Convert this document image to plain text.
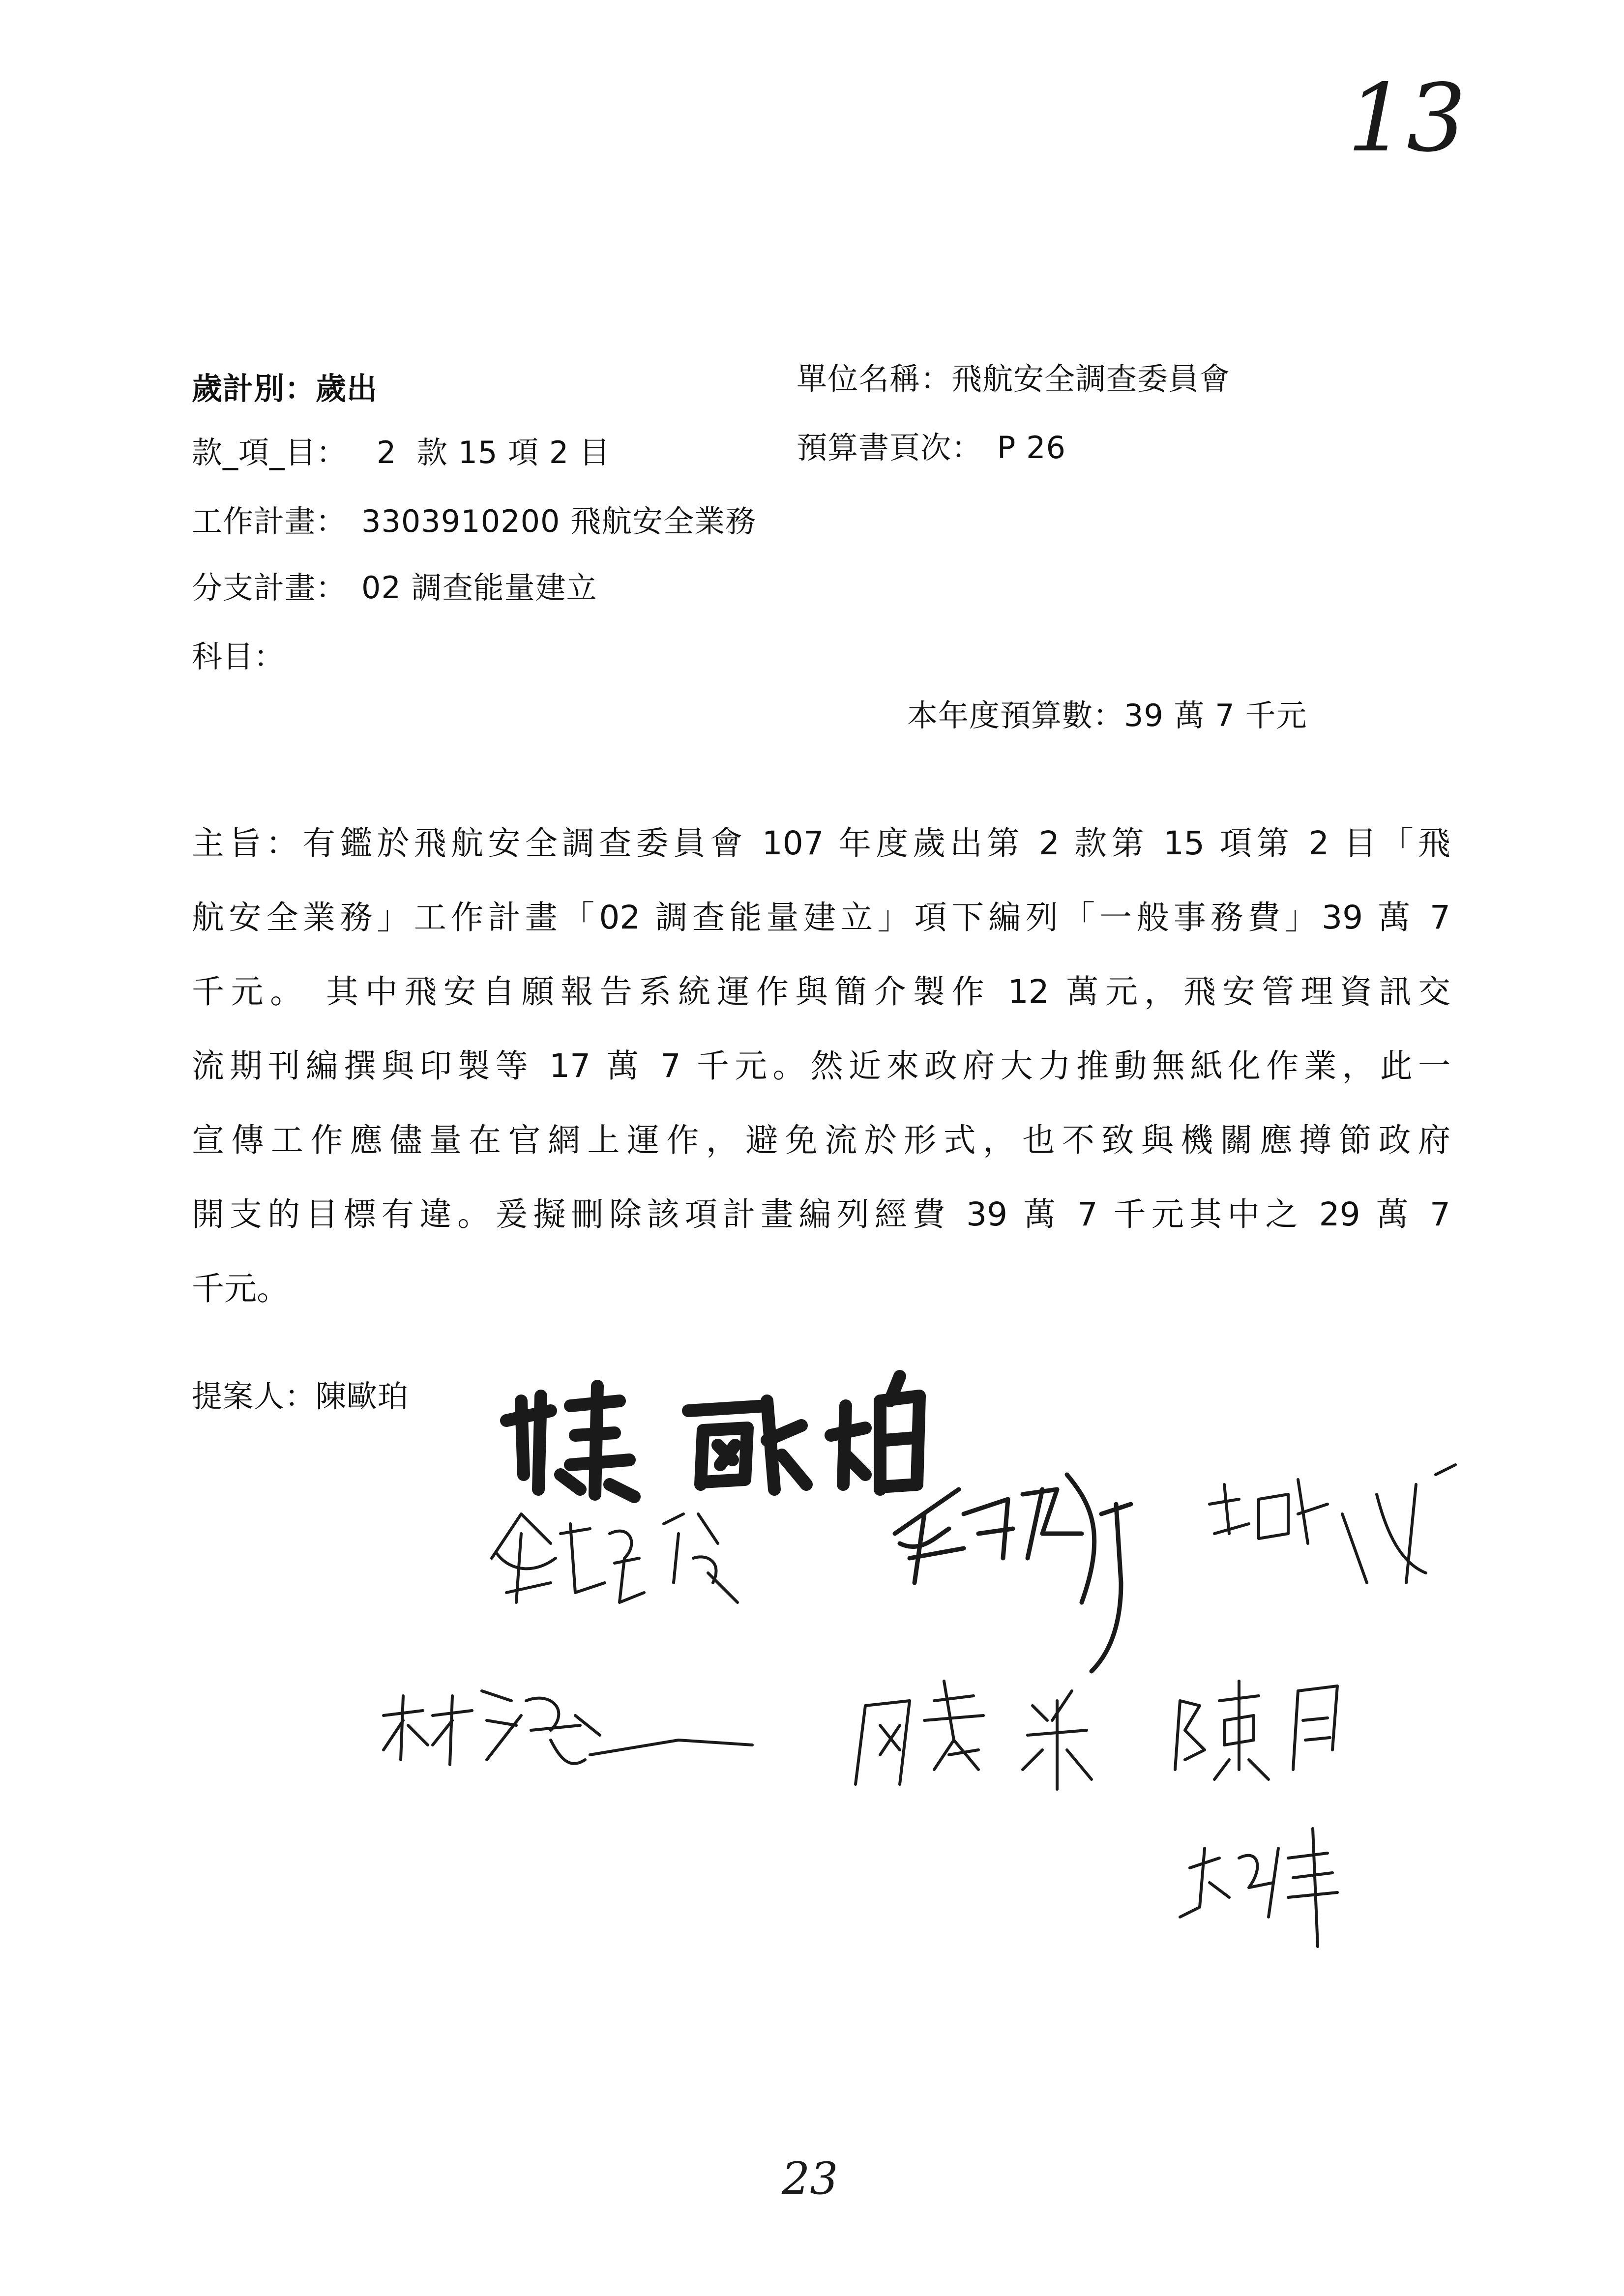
13
歲計別：歲出	單位名稱：飛航安全調查委員會
款_項_目： 2  款 15 項 2 目	預算書頁次： P 26
工作計畫： 3303910200 飛航安全業務
分支計畫： 02 調查能量建立
科目：
本年度預算數：39 萬 7 千元
主旨：有鑑於飛航安全調查委員會 107 年度歲出第 2 款第 15 項第 2 目「飛
航安全業務」工作計畫「02 調查能量建立」項下編列「一般事務費」39 萬 7
千元。 其中飛安自願報告系統運作與簡介製作 12 萬元，飛安管理資訊交
流期刊編撰與印製等 17 萬 7 千元。然近來政府大力推動無紙化作業，此一
宣傳工作應儘量在官網上運作，避免流於形式，也不致與機關應撙節政府
開支的目標有違。爰擬刪除該項計畫編列經費 39 萬 7 千元其中之 29 萬 7
千元。
提案人：陳歐珀
23
